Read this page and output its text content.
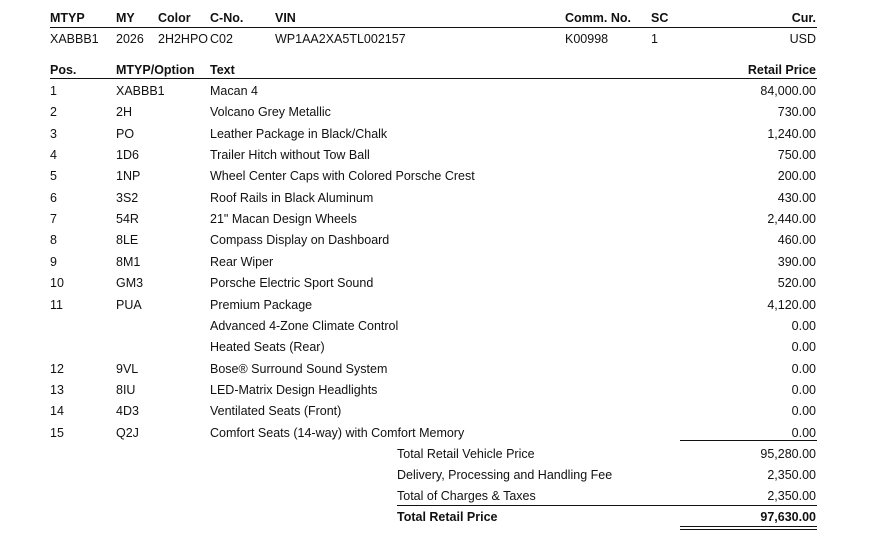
MTYP	MY Color C-No.	VIN	Comm. No. SC	Cur.
XABBB1 2026 2H2HPO C02	WP1AA2XA5TL002157	K00998	1	USD
Pos.	MTYP/Option Text	Retail Price
1	XABBB1	Macan 4	84,000.00
2	2H	Volcano Grey Metallic	730.00
3	PO	Leather Package in Black/Chalk	1,240.00
4	1D6	Trailer Hitch without Tow Ball	750.00
5	1NP	Wheel Center Caps with Colored Porsche Crest	200.00
6	3S2	Roof Rails in Black Aluminum	430.00
7	54R	21" Macan Design Wheels	2,440.00
8	8LE	Compass Display on Dashboard	460.00
9	8M1	Rear Wiper	390.00
10	GM3	Porsche Electric Sport Sound	520.00
11	PUA	Premium Package	4,120.00
Advanced 4-Zone Climate Control	0.00
Heated Seats (Rear)	0.00
12	9VL	Bose® Surround Sound System	0.00
13	8IU	LED-Matrix Design Headlights	0.00
14	4D3	Ventilated Seats (Front)	0.00
15	Q2J	Comfort Seats (14-way) with Comfort Memory	0.00
Total Retail Vehicle Price	95,280.00
Delivery, Processing and Handling Fee	2,350.00
Total of Charges & Taxes	2,350.00
Total Retail Price	97,630.00
